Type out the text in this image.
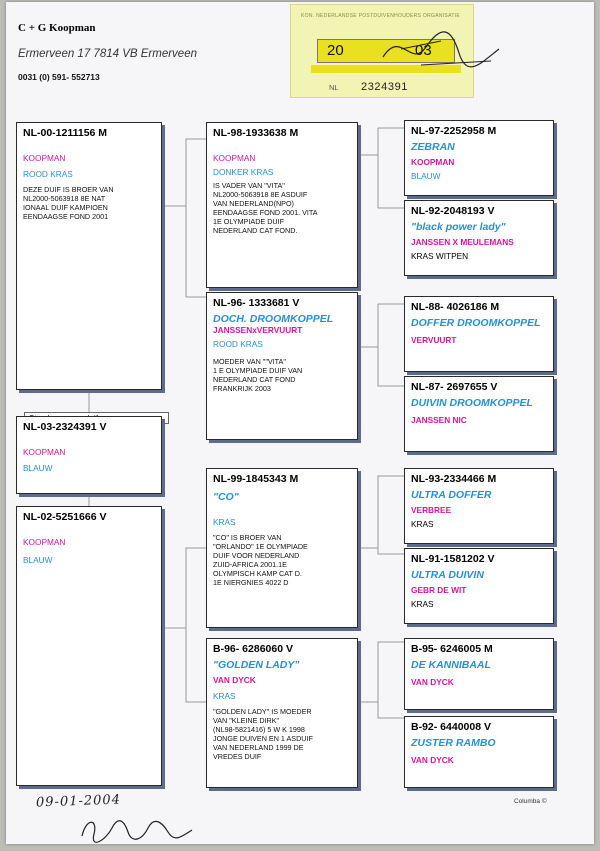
C + G Koopman
Ermerveen 17 7814 VB Ermerveen
0031 (0) 591- 552713
KON. NEDERLANDSE POSTDUIVENHOUDERS ORGANISATIE
20	03
NL 2324391
NL-00-1211156 M
KOOPMAN
ROOD KRAS
DEZE DUIF IS BROER VAN
NL2000-5063918 8E NAT
IONAAL DUIF KAMPIOEN
EENDAAGSE FOND 2001
NL-03-2324391 V
KOOPMAN
BLAUW
NL-02-5251666 V
KOOPMAN
BLAUW
NL-98-1933638 M
KOOPMAN
DONKER KRAS
IS VADER VAN "VITA"
NL2000-5063918 8E ASDUIF
VAN NEDERLAND(NPO)
EENDAAGSE FOND 2001. VITA
1E OLYMPIADE DUIF
NEDERLAND CAT FOND.
NL-96- 1333681 V
DOCH. DROOMKOPPEL
JANSSENxVERVUURT
ROOD KRAS
MOEDER VAN ""VITA"
1 E OLYMPIADE DUIF VAN
NEDERLAND CAT FOND
FRANKRIJK 2003
NL-99-1845343 M
"CO"
KRAS
"CO" IS BROER VAN
"ORLANDO" 1E OLYMPIADE
DUIF VOOR NEDERLAND
ZUID-AFRICA 2001.1E
OLYMPISCH KAMP CAT D.
1E NIERGNIES 4022 D
B-96- 6286060 V
"GOLDEN LADY"
VAN DYCK
KRAS
"GOLDEN LADY" IS MOEDER
VAN "KLEINE DIRK"
(NL98-5821416) 5 W K 1998
JONGE DUIVEN EN 1 ASDUIF
VAN NEDERLAND 1999 DE
VREDES DUIF
NL-97-2252958 M
ZEBRAN
KOOPMAN
BLAUW
NL-92-2048193 V
"black power lady"
JANSSEN X MEULEMANS
KRAS WITPEN
NL-88- 4026186 M
DOFFER DROOMKOPPEL
VERVUURT
NL-87- 2697655 V
DUIVIN DROOMKOPPEL
JANSSEN NIC
NL-93-2334466 M
ULTRA DOFFER
VERBREE
KRAS
NL-91-1581202 V
ULTRA DUIVIN
GEBR DE WIT
KRAS
B-95- 6246005 M
DE KANNIBAAL
VAN DYCK
B-92- 6440008 V
ZUSTER RAMBO
VAN DYCK
09-01-2004	Columba ©
